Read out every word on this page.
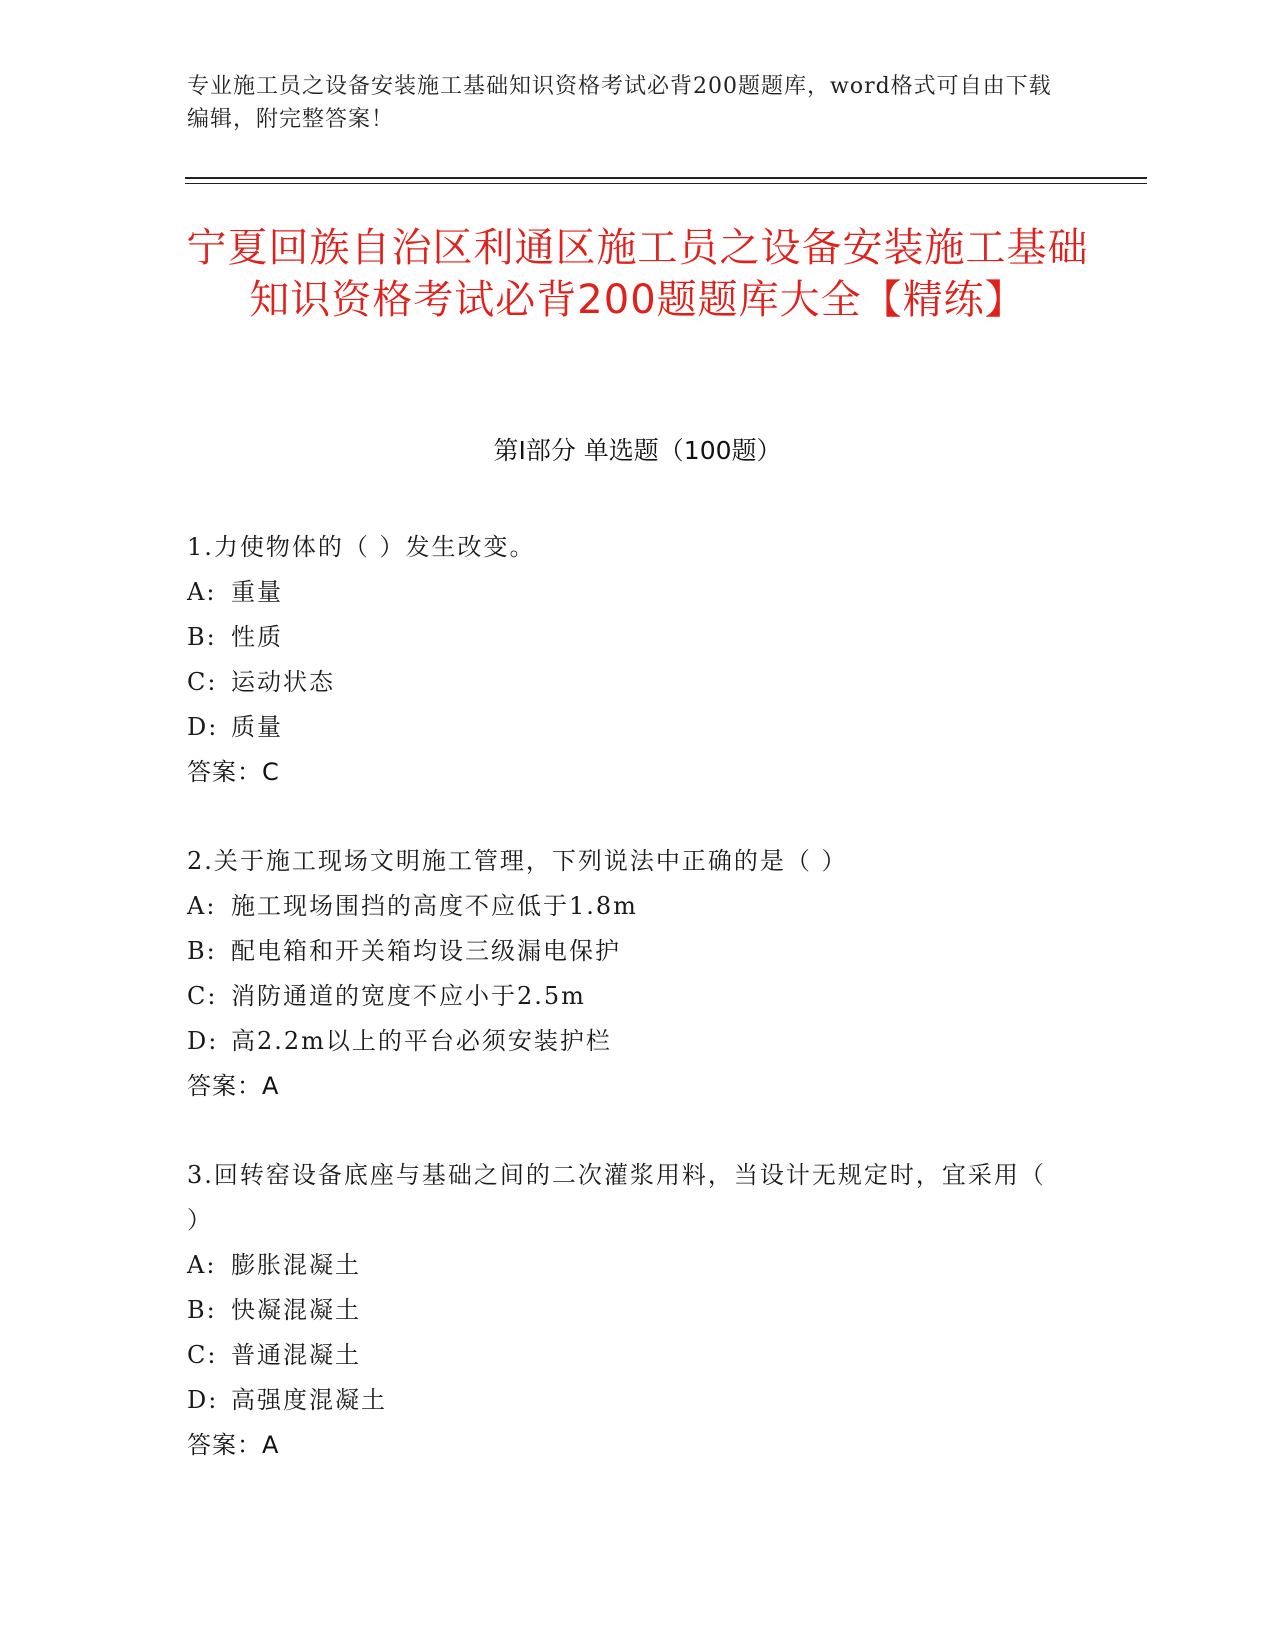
专业施工员之设备安装施工基础知识资格考试必背200题题库，word格式可自由下载编辑，附完整答案！
宁夏回族自治区利通区施工员之设备安装施工基础知识资格考试必背200题题库大全【精练】
第Ⅰ部分 单选题（100题）
1.力使物体的（ ）发生改变。
A: 重量
B: 性质
C: 运动状态
D: 质量
答案：C
2.关于施工现场文明施工管理，下列说法中正确的是（ ）
A: 施工现场围挡的高度不应低于1.8m
B: 配电箱和开关箱均设三级漏电保护
C: 消防通道的宽度不应小于2.5m
D: 高2.2m以上的平台必须安装护栏
答案：A
3.回转窑设备底座与基础之间的二次灌浆用料，当设计无规定时，宜采用（ ）
A: 膨胀混凝土
B: 快凝混凝土
C: 普通混凝土
D: 高强度混凝土
答案：A
